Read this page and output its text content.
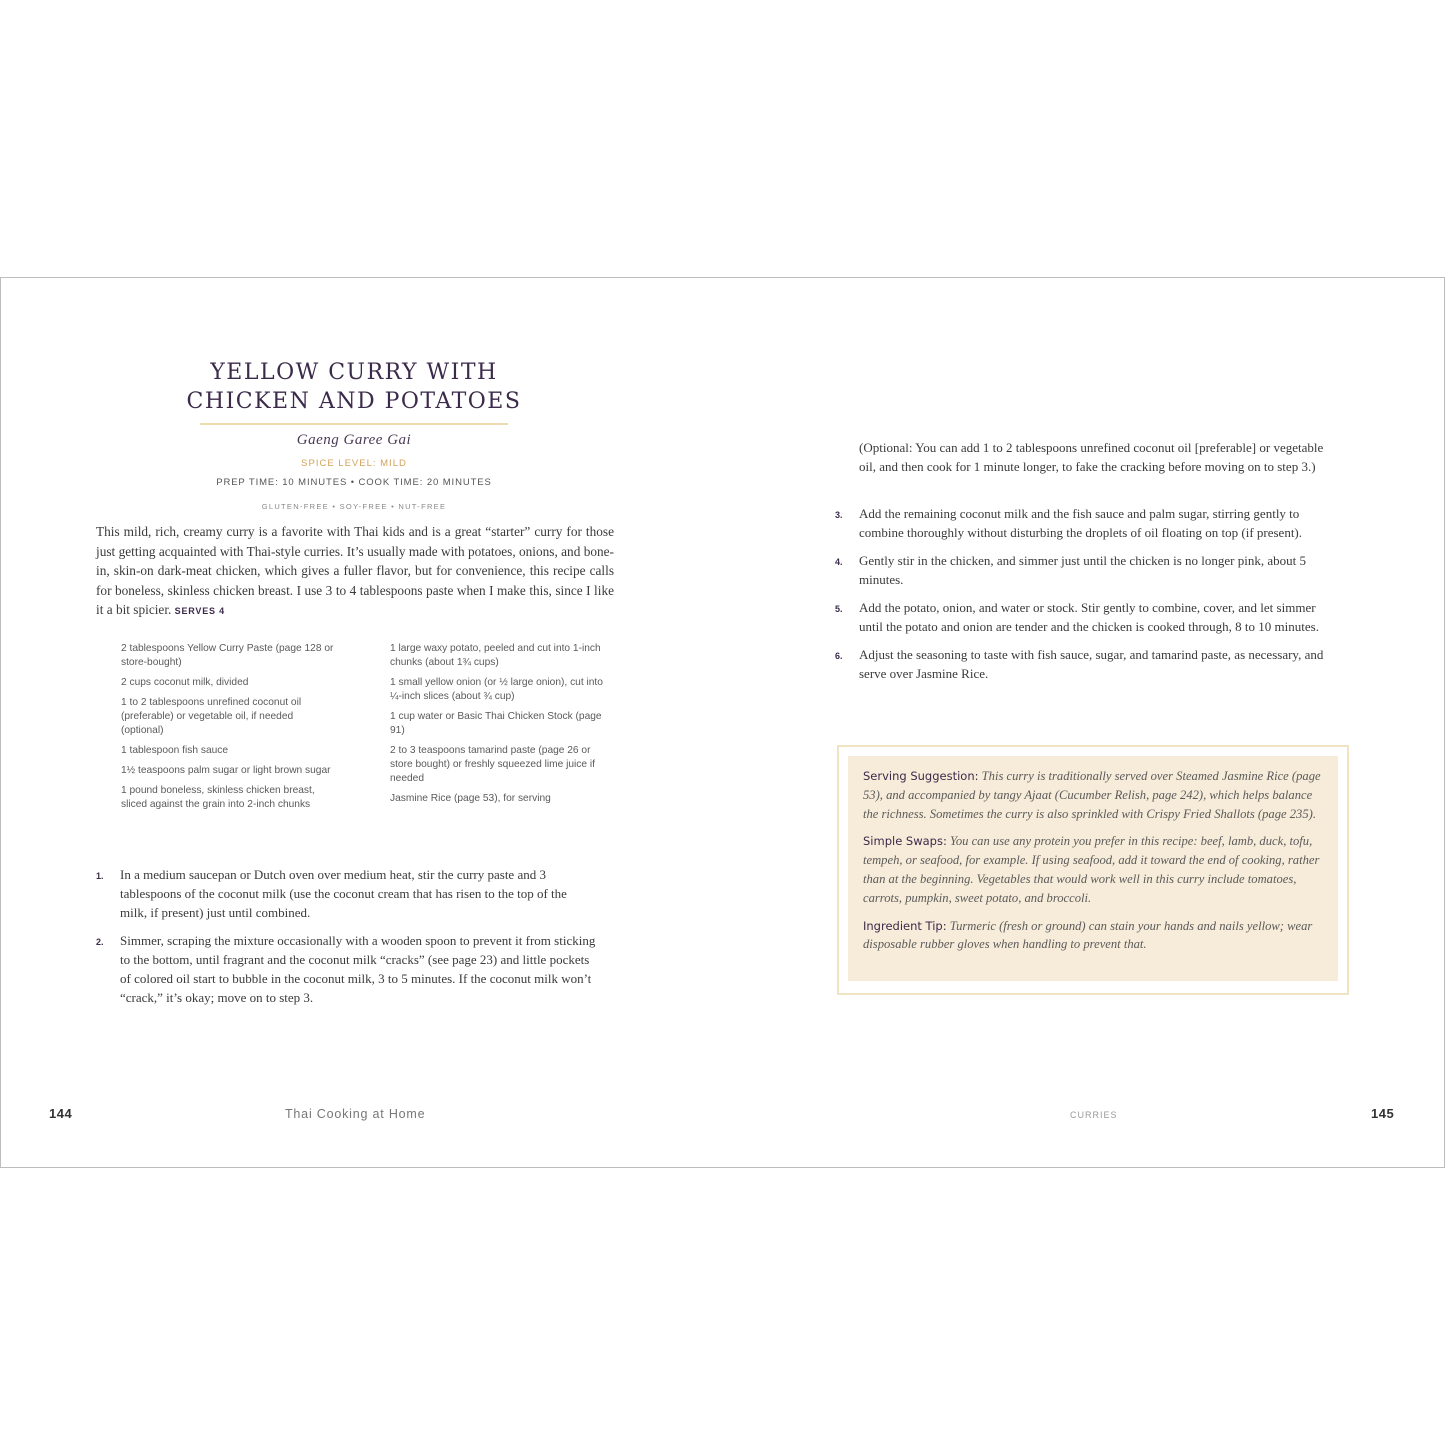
YELLOW CURRY WITH
CHICKEN AND POTATOES
Gaeng Garee Gai
SPICE LEVEL: MILD
PREP TIME: 10 MINUTES • COOK TIME: 20 MINUTES
GLUTEN-FREE • SOY-FREE • NUT-FREE
This mild, rich, creamy curry is a favorite with Thai kids and is a great “starter” curry for those just getting acquainted with Thai-style curries. It’s usually made with potatoes, onions, and bone-in, skin-on dark-meat chicken, which gives a fuller flavor, but for convenience, this recipe calls for boneless, skinless chicken breast. I use 3 to 4 tablespoons paste when I make this, since I like it a bit spicier. SERVES 4
2 tablespoons Yellow Curry Paste (page 128 or store-bought)
2 cups coconut milk, divided
1 to 2 tablespoons unrefined coconut oil (preferable) or vegetable oil, if needed (optional)
1 tablespoon fish sauce
1½ teaspoons palm sugar or light brown sugar
1 pound boneless, skinless chicken breast, sliced against the grain into 2-inch chunks
1 large waxy potato, peeled and cut into 1-inch chunks (about 1¾ cups)
1 small yellow onion (or ½ large onion), cut into ¼-inch slices (about ¾ cup)
1 cup water or Basic Thai Chicken Stock (page 91)
2 to 3 teaspoons tamarind paste (page 26 or store bought) or freshly squeezed lime juice if needed
Jasmine Rice (page 53), for serving
1. In a medium saucepan or Dutch oven over medium heat, stir the curry paste and 3 tablespoons of the coconut milk (use the coconut cream that has risen to the top of the milk, if present) just until combined.
2. Simmer, scraping the mixture occasionally with a wooden spoon to prevent it from sticking to the bottom, until fragrant and the coconut milk “cracks” (see page 23) and little pockets of colored oil start to bubble in the coconut milk, 3 to 5 minutes. If the coconut milk won’t “crack,” it’s okay; move on to step 3.
144	Thai Cooking at Home
(Optional: You can add 1 to 2 tablespoons unrefined coconut oil [preferable] or vegetable oil, and then cook for 1 minute longer, to fake the cracking before moving on to step 3.)
3. Add the remaining coconut milk and the fish sauce and palm sugar, stirring gently to combine thoroughly without disturbing the droplets of oil floating on top (if present).
4. Gently stir in the chicken, and simmer just until the chicken is no longer pink, about 5 minutes.
5. Add the potato, onion, and water or stock. Stir gently to combine, cover, and let simmer until the potato and onion are tender and the chicken is cooked through, 8 to 10 minutes.
6. Adjust the seasoning to taste with fish sauce, sugar, and tamarind paste, as necessary, and serve over Jasmine Rice.
Serving Suggestion: This curry is traditionally served over Steamed Jasmine Rice (page 53), and accompanied by tangy Ajaat (Cucumber Relish, page 242), which helps balance the richness. Sometimes the curry is also sprinkled with Crispy Fried Shallots (page 235).
Simple Swaps: You can use any protein you prefer in this recipe: beef, lamb, duck, tofu, tempeh, or seafood, for example. If using seafood, add it toward the end of cooking, rather than at the beginning. Vegetables that would work well in this curry include tomatoes, carrots, pumpkin, sweet potato, and broccoli.
Ingredient Tip: Turmeric (fresh or ground) can stain your hands and nails yellow; wear disposable rubber gloves when handling to prevent that.
CURRIES	145
